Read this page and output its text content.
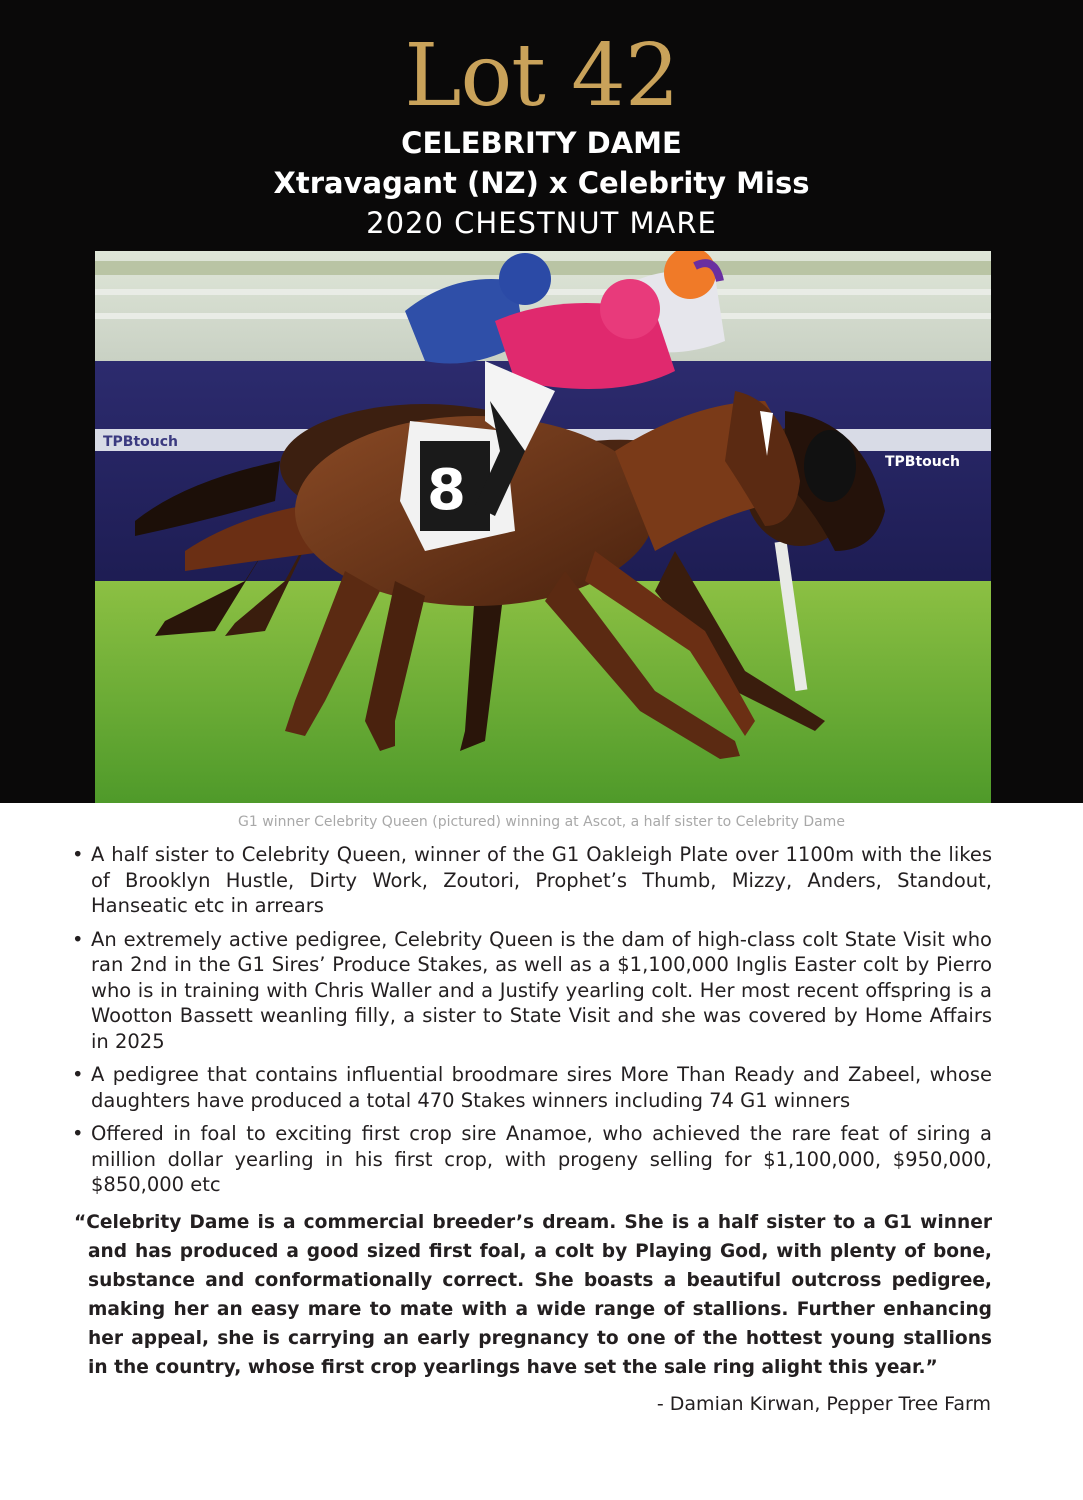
Lot 42
CELEBRITY DAME
Xtravagant (NZ) x Celebrity Miss
2020 CHESTNUT MARE
TPBtouch
TPBtouch
8
G1 winner Celebrity Queen (pictured) winning at Ascot, a half sister to Celebrity Dame
• A half sister to Celebrity Queen, winner of the G1 Oakleigh Plate over 1100m with the likes of Brooklyn Hustle, Dirty Work, Zoutori, Prophet’s Thumb, Mizzy, Anders, Standout, Hanseatic etc in arrears
• An extremely active pedigree, Celebrity Queen is the dam of high-class colt State Visit who ran 2nd in the G1 Sires’ Produce Stakes, as well as a $1,100,000 Inglis Easter colt by Pierro who is in training with Chris Waller and a Justify yearling colt. Her most recent offspring is a Wootton Bassett weanling filly, a sister to State Visit and she was covered by Home Affairs in 2025
• A pedigree that contains influential broodmare sires More Than Ready and Zabeel, whose daughters have produced a total 470 Stakes winners including 74 G1 winners
• Offered in foal to exciting first crop sire Anamoe, who achieved the rare feat of siring a million dollar yearling in his first crop, with progeny selling for $1,100,000, $950,000, $850,000 etc
“Celebrity Dame is a commercial breeder’s dream. She is a half sister to a G1 winner and has produced a good sized first foal, a colt by Playing God, with plenty of bone, substance and conformationally correct. She boasts a beautiful outcross pedigree, making her an easy mare to mate with a wide range of stallions. Further enhancing her appeal, she is carrying an early pregnancy to one of the hottest young stallions in the country, whose first crop yearlings have set the sale ring alight this year.”
- Damian Kirwan, Pepper Tree Farm
